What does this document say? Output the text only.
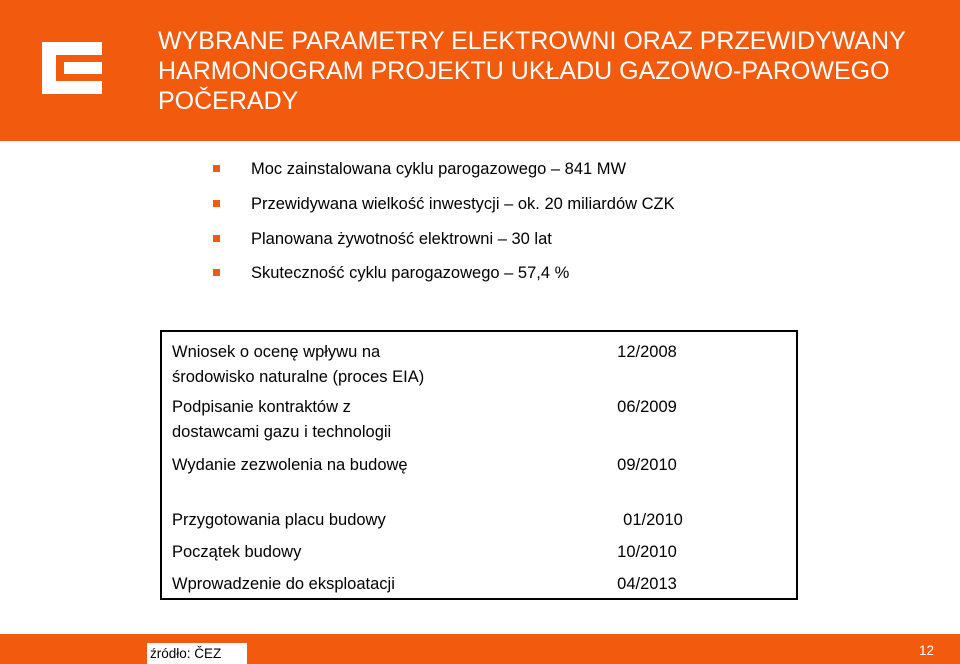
WYBRANE PARAMETRY ELEKTROWNI ORAZ PRZEWIDYWANY
HARMONOGRAM PROJEKTU UKŁADU GAZOWO-PAROWEGO
POČERADY
Moc zainstalowana cyklu parogazowego – 841 MW
Przewidywana wielkość inwestycji – ok. 20 miliardów CZK
Planowana żywotność elektrowni – 30 lat
Skuteczność cyklu parogazowego – 57,4 %
Wniosek o ocenę wpływu na
środowisko naturalne (proces EIA)
12/2008
Podpisanie kontraktów z
dostawcami gazu i technologii
06/2009
Wydanie zezwolenia na budowę	09/2010
Przygotowania placu budowy	01/2010
Początek budowy	10/2010
Wprowadzenie do eksploatacji	04/2013
źródło: ČEZ	12
